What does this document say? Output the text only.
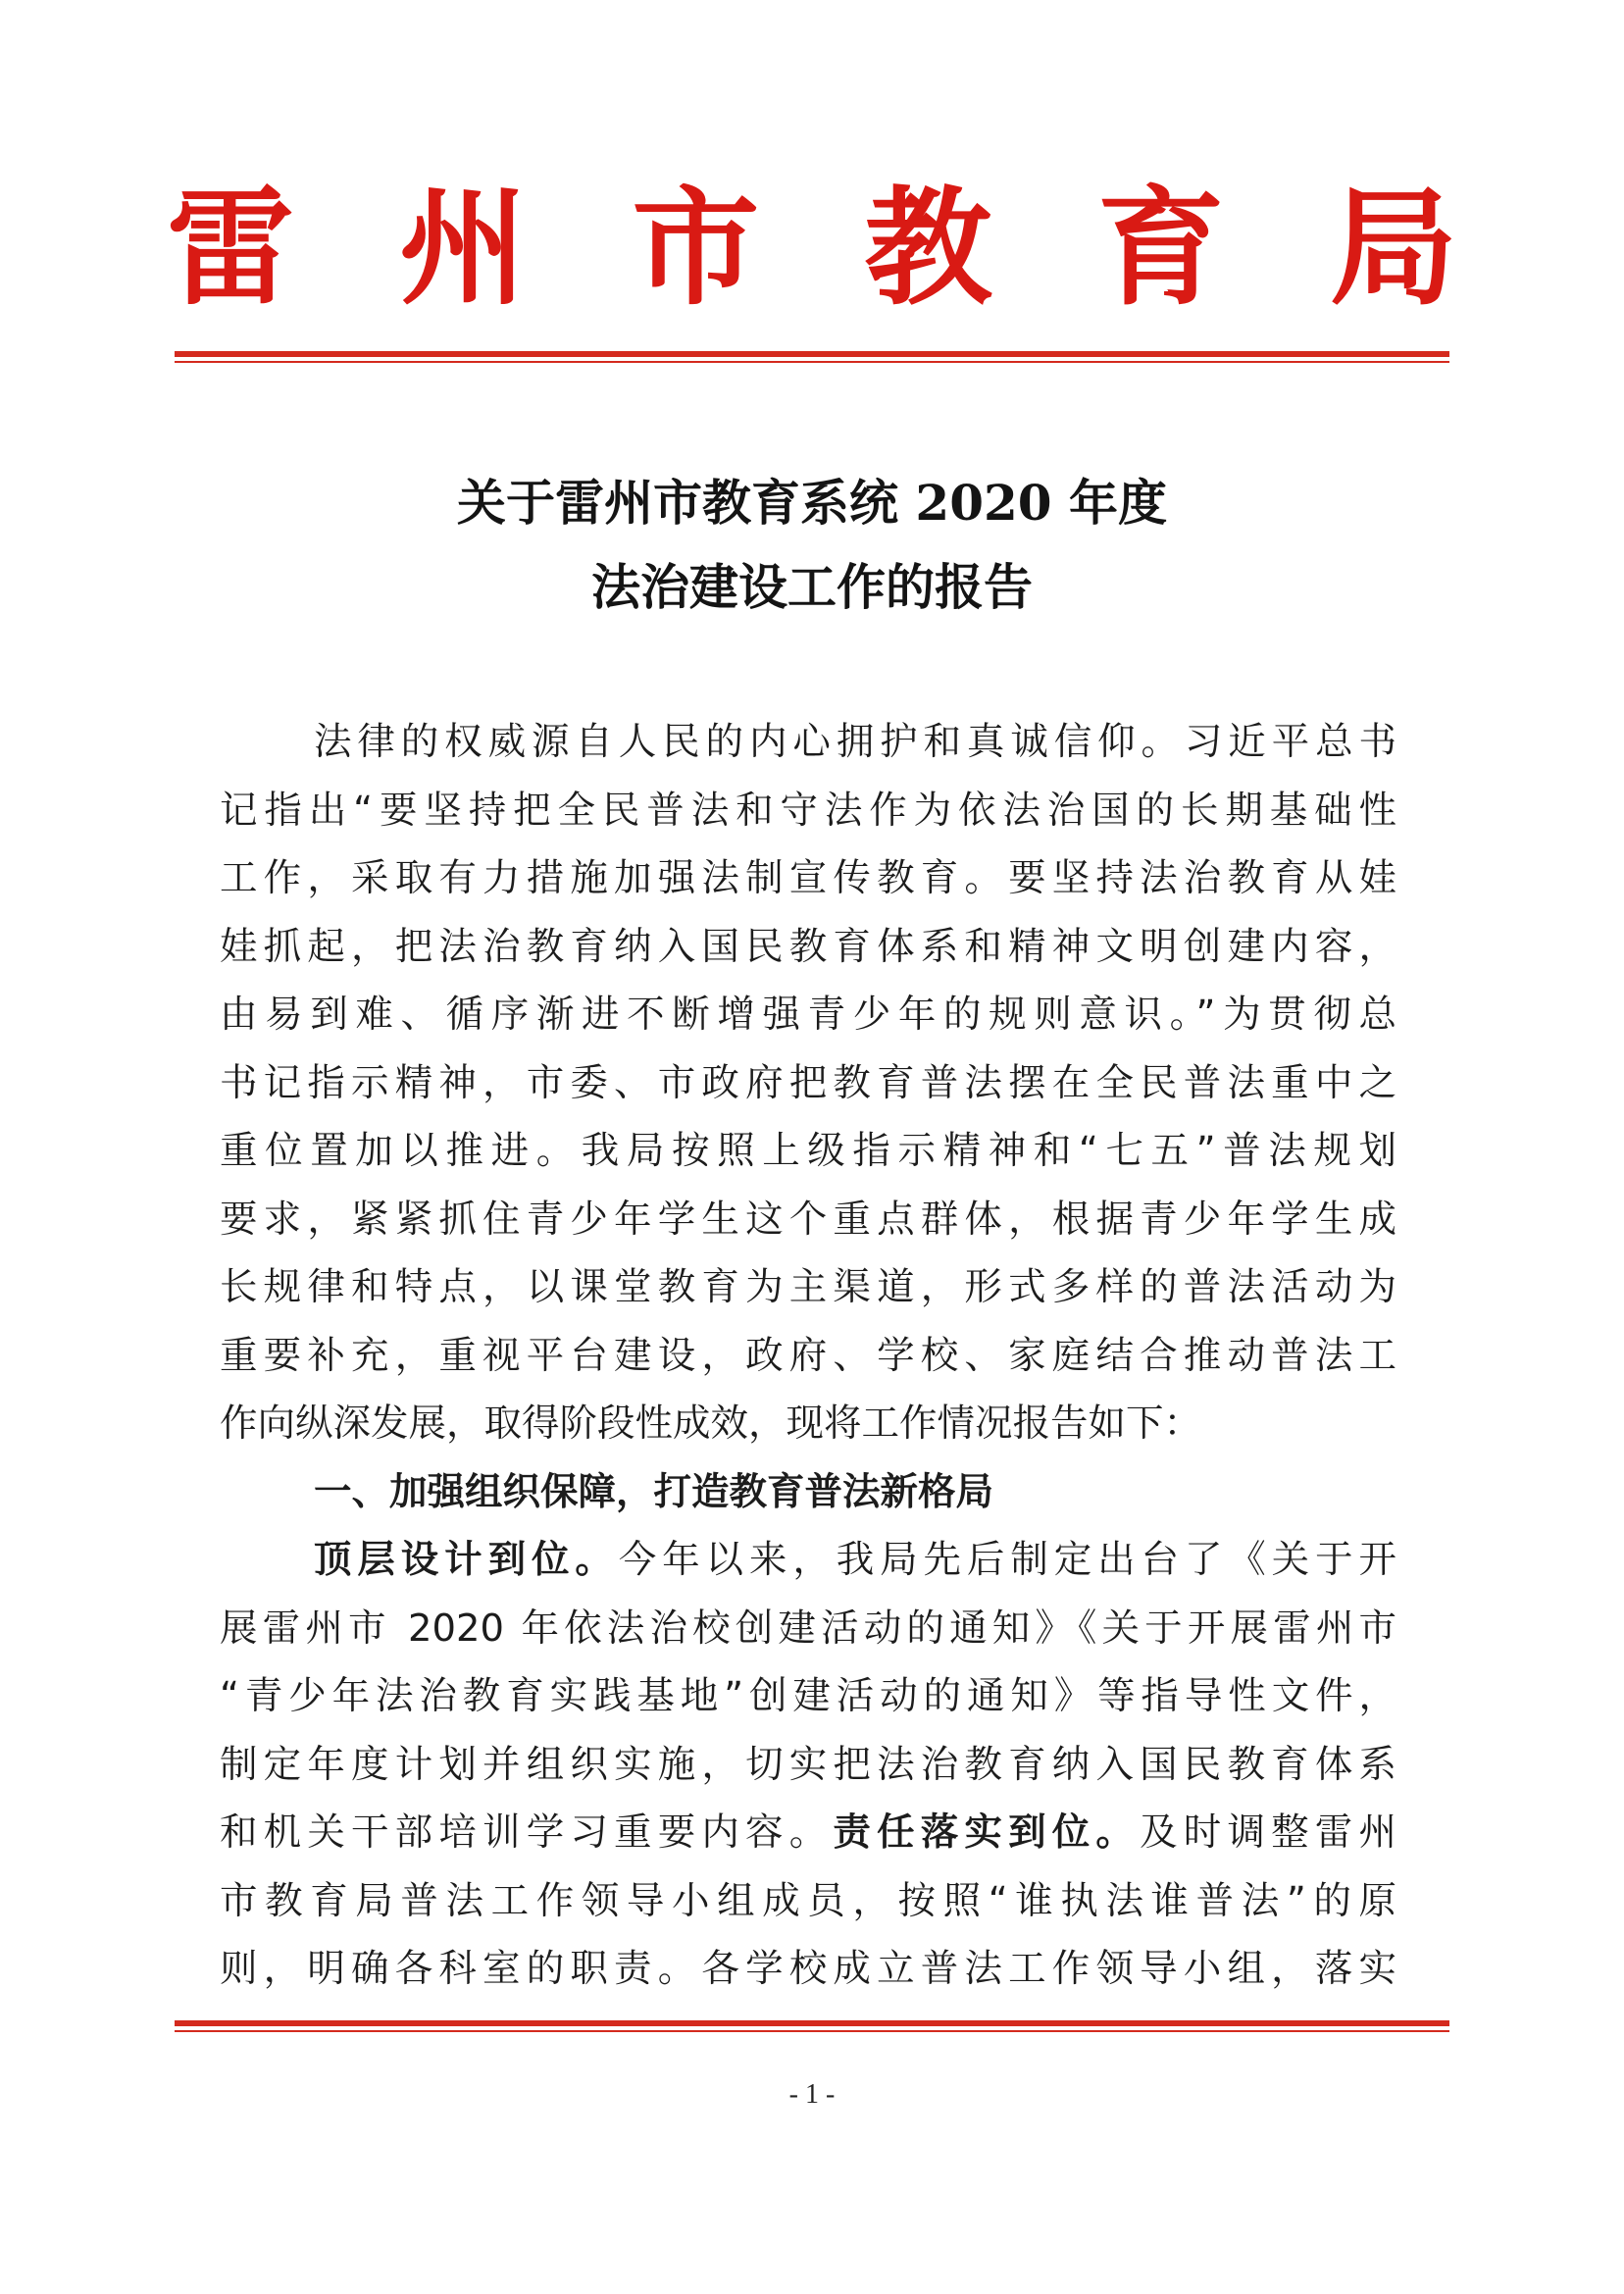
雷 州 市 教 育 局
关于雷州市教育系统 2020 年度
法治建设工作的报告
法律的权威源自人民的内心拥护和真诚信仰。习近平总书
记指出“要坚持把全民普法和守法作为依法治国的长期基础性
工作，采取有力措施加强法制宣传教育。要坚持法治教育从娃
娃抓起，把法治教育纳入国民教育体系和精神文明创建内容，
由易到难、循序渐进不断增强青少年的规则意识。”为贯彻总
书记指示精神，市委、市政府把教育普法摆在全民普法重中之
重位置加以推进。我局按照上级指示精神和“七五”普法规划
要求，紧紧抓住青少年学生这个重点群体，根据青少年学生成
长规律和特点，以课堂教育为主渠道，形式多样的普法活动为
重要补充，重视平台建设，政府、学校、家庭结合推动普法工
作向纵深发展，取得阶段性成效，现将工作情况报告如下：
一、加强组织保障，打造教育普法新格局
顶层设计到位。今年以来，我局先后制定出台了《关于开
展雷州市 2020 年依法治校创建活动的通知》《关于开展雷州市
“青少年法治教育实践基地”创建活动的通知》等指导性文件，
制定年度计划并组织实施，切实把法治教育纳入国民教育体系
和机关干部培训学习重要内容。责任落实到位。及时调整雷州
市教育局普法工作领导小组成员，按照“谁执法谁普法”的原
则，明确各科室的职责。各学校成立普法工作领导小组，落实
- 1 -
